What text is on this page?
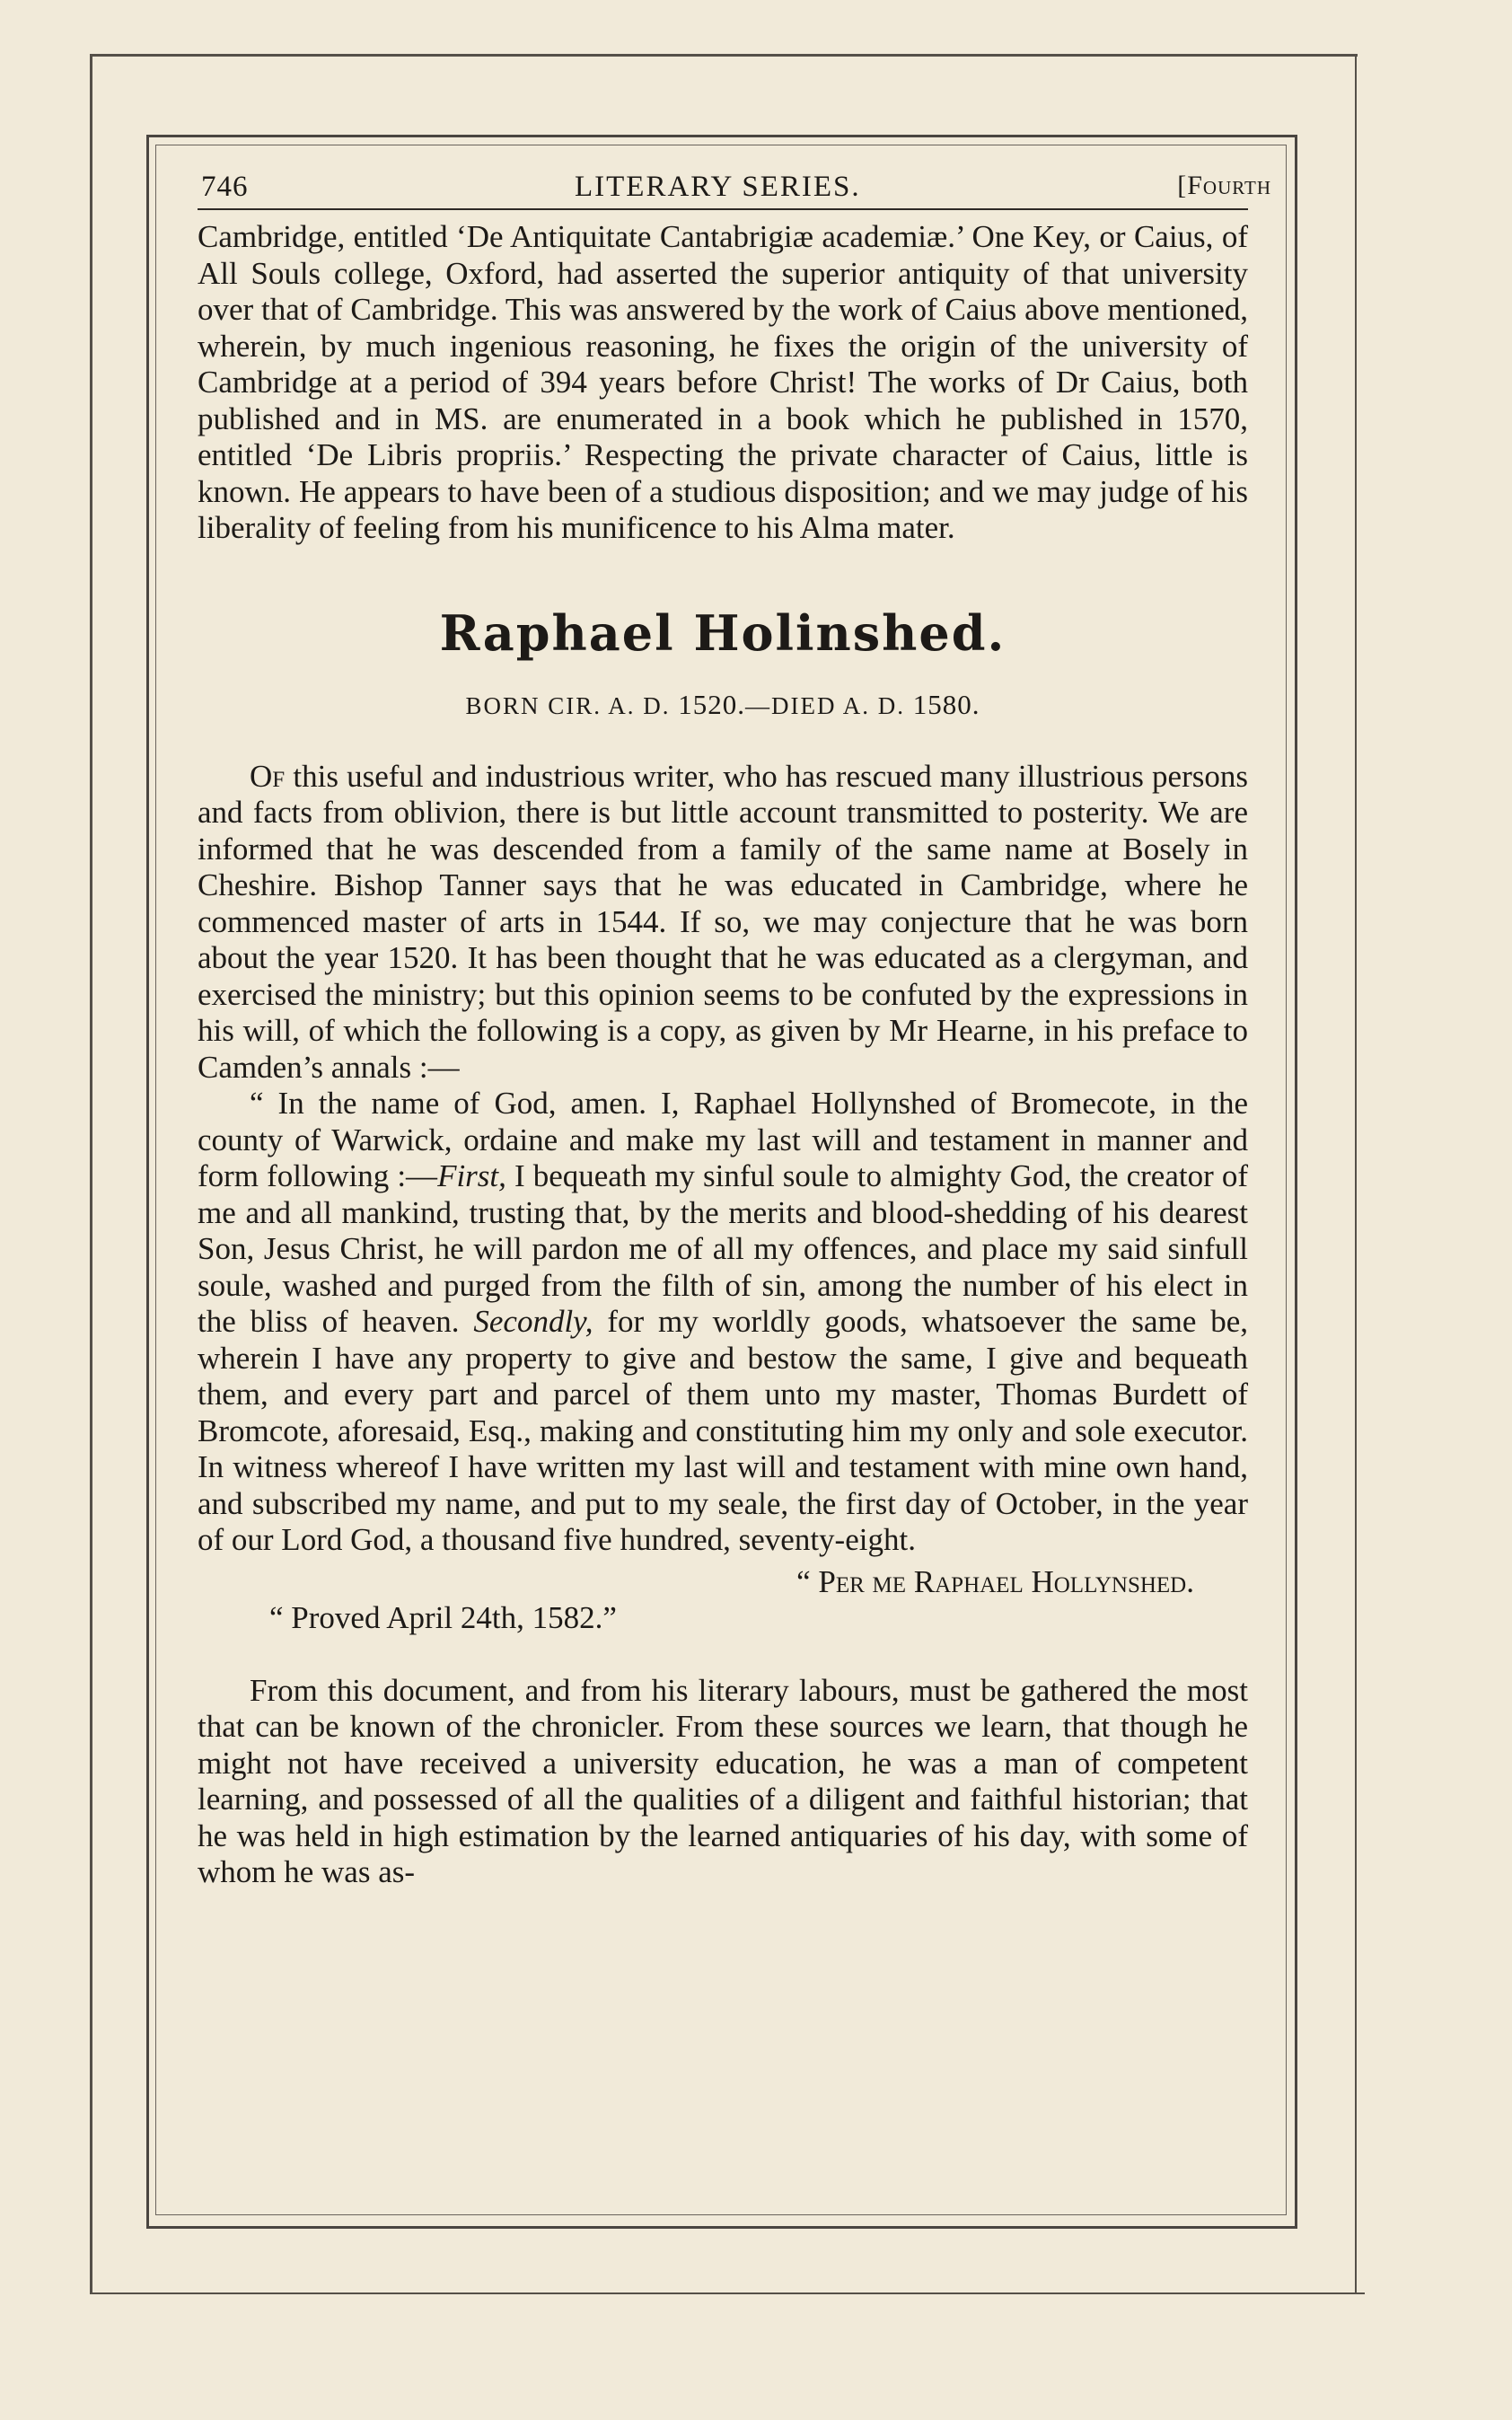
746	LITERARY SERIES.	[Fourth

Cambridge, entitled ‘De Antiquitate Cantabrigiæ academiæ.’ One Key, or Caius, of All Souls college, Oxford, had asserted the superior antiquity of that university over that of Cambridge. This was answered by the work of Caius above mentioned, wherein, by much ingenious reasoning, he fixes the origin of the university of Cambridge at a period of 394 years before Christ! The works of Dr Caius, both published and in MS. are enumerated in a book which he published in 1570, entitled ‘De Libris propriis.’ Respecting the private character of Caius, little is known. He appears to have been of a studious disposition; and we may judge of his liberality of feeling from his munificence to his Alma mater.

Raphael Holinshed.
BORN CIR. A. D. 1520.—DIED A. D. 1580.

Of this useful and industrious writer, who has rescued many illustrious persons and facts from oblivion, there is but little account transmitted to posterity. We are informed that he was descended from a family of the same name at Bosely in Cheshire. Bishop Tanner says that he was educated in Cambridge, where he commenced master of arts in 1544. If so, we may conjecture that he was born about the year 1520. It has been thought that he was educated as a clergyman, and exercised the ministry; but this opinion seems to be confuted by the expressions in his will, of which the following is a copy, as given by Mr Hearne, in his preface to Camden’s annals :—

“ In the name of God, amen. I, Raphael Hollynshed of Bromecote, in the county of Warwick, ordaine and make my last will and testament in manner and form following :—First, I bequeath my sinful soule to almighty God, the creator of me and all mankind, trusting that, by the merits and blood-shedding of his dearest Son, Jesus Christ, he will pardon me of all my offences, and place my said sinfull soule, washed and purged from the filth of sin, among the number of his elect in the bliss of heaven. Secondly, for my worldly goods, whatsoever the same be, wherein I have any property to give and bestow the same, I give and bequeath them, and every part and parcel of them unto my master, Thomas Burdett of Bromcote, aforesaid, Esq., making and constituting him my only and sole executor. In witness whereof I have written my last will and testament with mine own hand, and subscribed my name, and put to my seale, the first day of October, in the year of our Lord God, a thousand five hundred, seventy-eight.

“ Per me Raphael Hollynshed.
“ Proved April 24th, 1582.”

From this document, and from his literary labours, must be gathered the most that can be known of the chronicler. From these sources we learn, that though he might not have received a university education, he was a man of competent learning, and possessed of all the qualities of a diligent and faithful historian; that he was held in high estimation by the learned antiquaries of his day, with some of whom he was as-
